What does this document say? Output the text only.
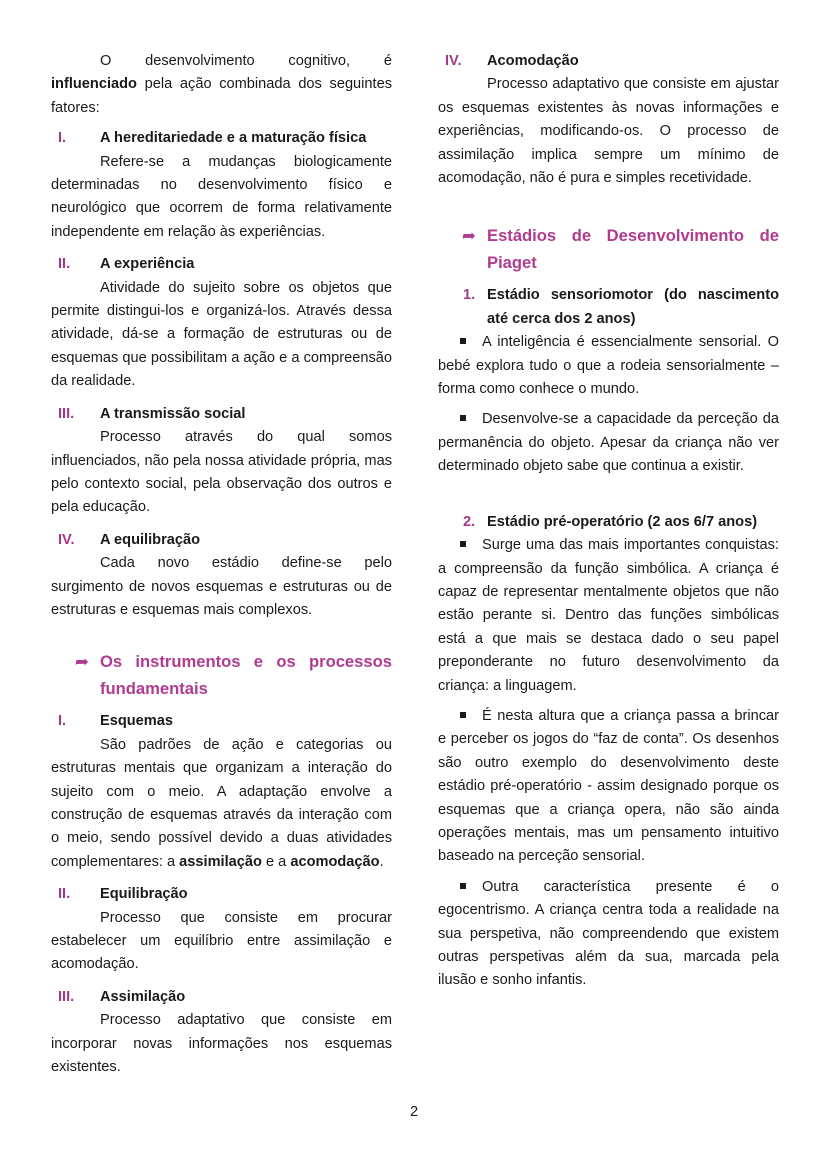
O desenvolvimento cognitivo, é influenciado pela ação combinada dos seguintes fatores:

I. A hereditariedade e a maturação física

Refere-se a mudanças biologicamente determinadas no desenvolvimento físico e neurológico que ocorrem de forma relativamente independente em relação às experiências.

II. A experiência

Atividade do sujeito sobre os objetos que permite distingui-los e organizá-los. Através dessa atividade, dá-se a formação de estruturas ou de esquemas que possibilitam a ação e a compreensão da realidade.

III. A transmissão social

Processo através do qual somos influenciados, não pela nossa atividade própria, mas pelo contexto social, pela observação dos outros e pela educação.

IV. A equilibração

Cada novo estádio define-se pelo surgimento de novos esquemas e estruturas ou de estruturas e esquemas mais complexos.

➦ Os instrumentos e os processos fundamentais
I. Esquemas

São padrões de ação e categorias ou estruturas mentais que organizam a interação do sujeito com o meio. A adaptação envolve a construção de esquemas através da interação com o meio, sendo possível devido a duas atividades complementares: a assimilação e a acomodação.

II. Equilibração

Processo que consiste em procurar estabelecer um equilíbrio entre assimilação e acomodação.

III. Assimilação

Processo adaptativo que consiste em incorporar novas informações nos esquemas existentes.

IV. Acomodação

Processo adaptativo que consiste em ajustar os esquemas existentes às novas informações e experiências, modificando-os. O processo de assimilação implica sempre um mínimo de acomodação, não é pura e simples recetividade.

➦ Estádios de Desenvolvimento de Piaget
1. Estádio sensoriomotor (do nascimento até cerca dos 2 anos)

A inteligência é essencialmente sensorial. O bebé explora tudo o que a rodeia sensorialmente – forma como conhece o mundo.

Desenvolve-se a capacidade da perceção da permanência do objeto. Apesar da criança não ver determinado objeto sabe que continua a existir.

2. Estádio pré-operatório (2 aos 6/7 anos)

Surge uma das mais importantes conquistas: a compreensão da função simbólica. A criança é capaz de representar mentalmente objetos que não estão perante si. Dentro das funções simbólicas está a que mais se destaca dado o seu papel preponderante no futuro desenvolvimento da criança: a linguagem.

É nesta altura que a criança passa a brincar e perceber os jogos do “faz de conta”. Os desenhos são outro exemplo do desenvolvimento deste estádio pré-operatório - assim designado porque os esquemas que a criança opera, não são ainda operações mentais, mas um pensamento intuitivo baseado na perceção sensorial.

Outra característica presente é o egocentrismo. A criança centra toda a realidade na sua perspetiva, não compreendendo que existem outras perspetivas além da sua, marcada pela ilusão e sonho infantis.

2
